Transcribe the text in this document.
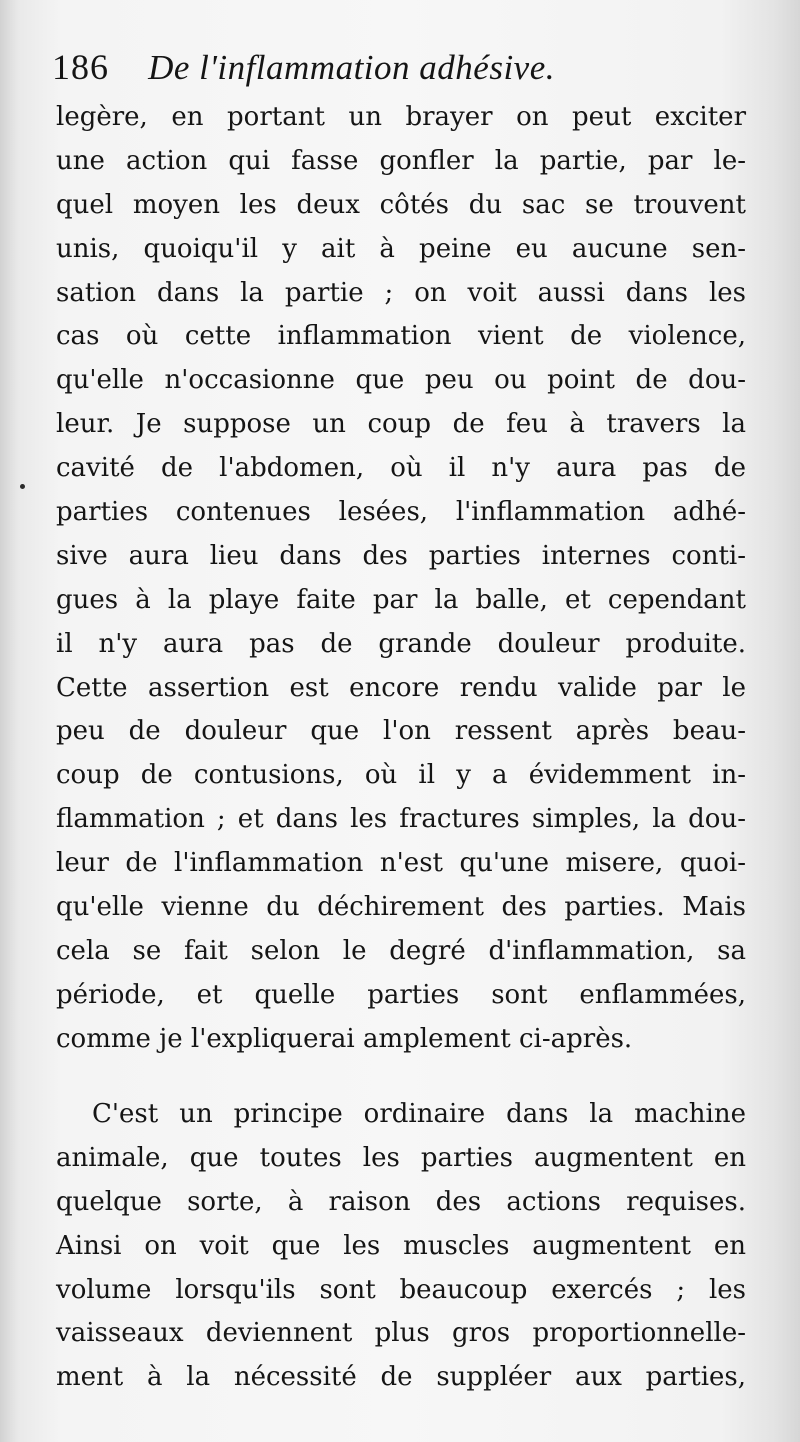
186 De l'inflammation adhésive.
legère, en portant un brayer on peut exciter
une action qui fasse gonfler la partie, par le-
quel moyen les deux côtés du sac se trouvent
unis, quoiqu'il y ait à peine eu aucune sen-
sation dans la partie ; on voit aussi dans les
cas où cette inflammation vient de violence,
qu'elle n'occasionne que peu ou point de dou-
leur. Je suppose un coup de feu à travers la
cavité de l'abdomen, où il n'y aura pas de
parties contenues lesées, l'inflammation adhé-
sive aura lieu dans des parties internes conti-
gues à la playe faite par la balle, et cependant
il n'y aura pas de grande douleur produite.
Cette assertion est encore rendu valide par le
peu de douleur que l'on ressent après beau-
coup de contusions, où il y a évidemment in-
flammation ; et dans les fractures simples, la dou-
leur de l'inflammation n'est qu'une misere, quoi-
qu'elle vienne du déchirement des parties. Mais
cela se fait selon le degré d'inflammation, sa
période, et quelle parties sont enflammées,
comme je l'expliquerai amplement ci-après.
C'est un principe ordinaire dans la machine
animale, que toutes les parties augmentent en
quelque sorte, à raison des actions requises.
Ainsi on voit que les muscles augmentent en
volume lorsqu'ils sont beaucoup exercés ; les
vaisseaux deviennent plus gros proportionnelle-
ment à la nécessité de suppléer aux parties,
